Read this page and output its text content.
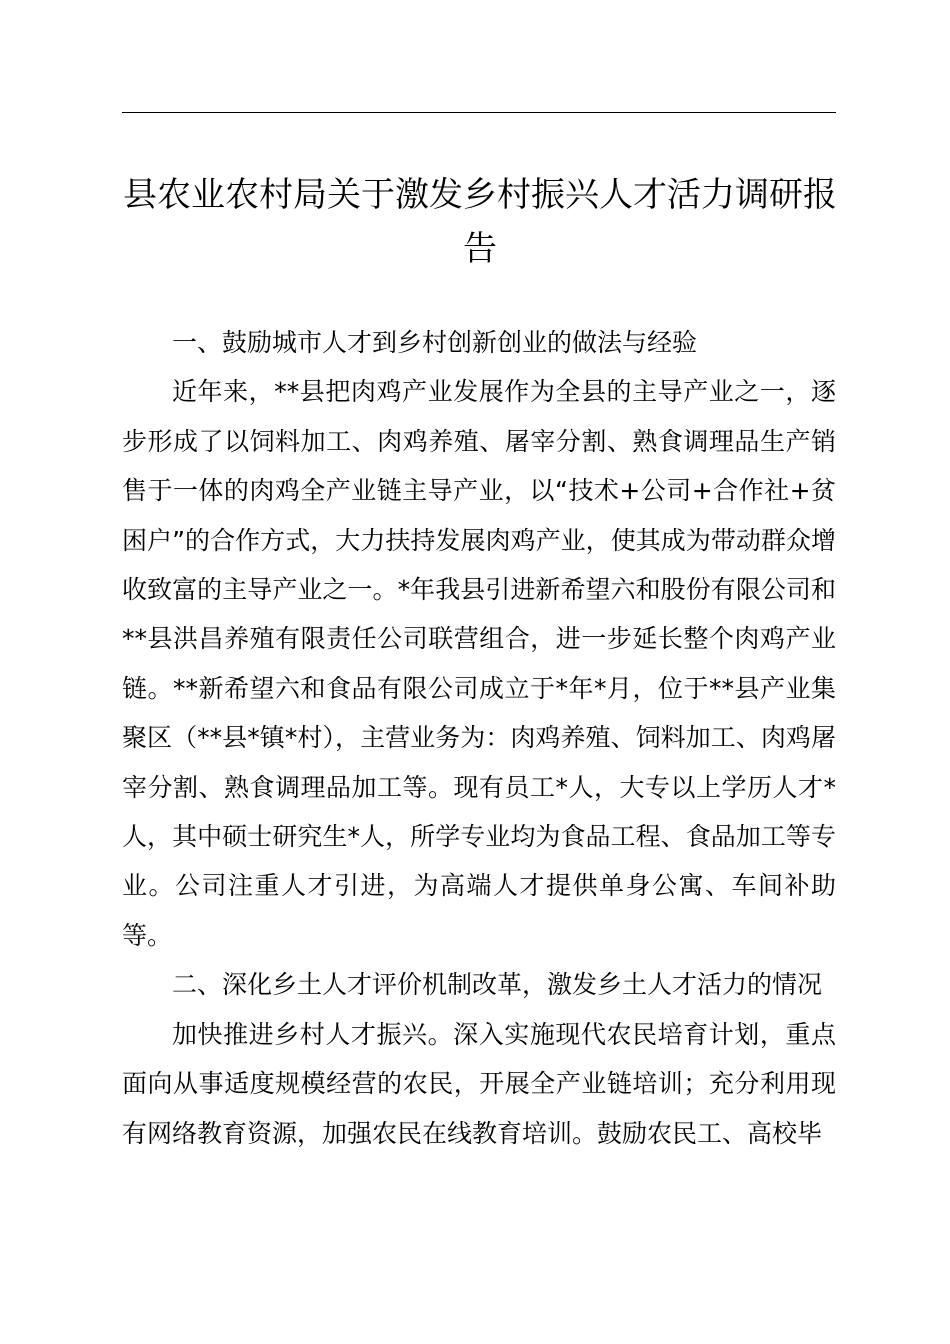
县农业农村局关于激发乡村振兴人才活力调研报告

一、鼓励城市人才到乡村创新创业的做法与经验

近年来，**县把肉鸡产业发展作为全县的主导产业之一，逐步形成了以饲料加工、肉鸡养殖、屠宰分割、熟食调理品生产销售于一体的肉鸡全产业链主导产业，以“技术+公司+合作社+贫困户”的合作方式，大力扶持发展肉鸡产业，使其成为带动群众增收致富的主导产业之一。*年我县引进新希望六和股份有限公司和**县洪昌养殖有限责任公司联营组合，进一步延长整个肉鸡产业链。**新希望六和食品有限公司成立于*年*月，位于**县产业集聚区（**县*镇*村），主营业务为：肉鸡养殖、饲料加工、肉鸡屠宰分割、熟食调理品加工等。现有员工*人，大专以上学历人才*人，其中硕士研究生*人，所学专业均为食品工程、食品加工等专业。公司注重人才引进，为高端人才提供单身公寓、车间补助等。

二、深化乡土人才评价机制改革，激发乡土人才活力的情况

加快推进乡村人才振兴。深入实施现代农民培育计划，重点面向从事适度规模经营的农民，开展全产业链培训；充分利用现有网络教育资源，加强农民在线教育培训。鼓励农民工、高校毕
